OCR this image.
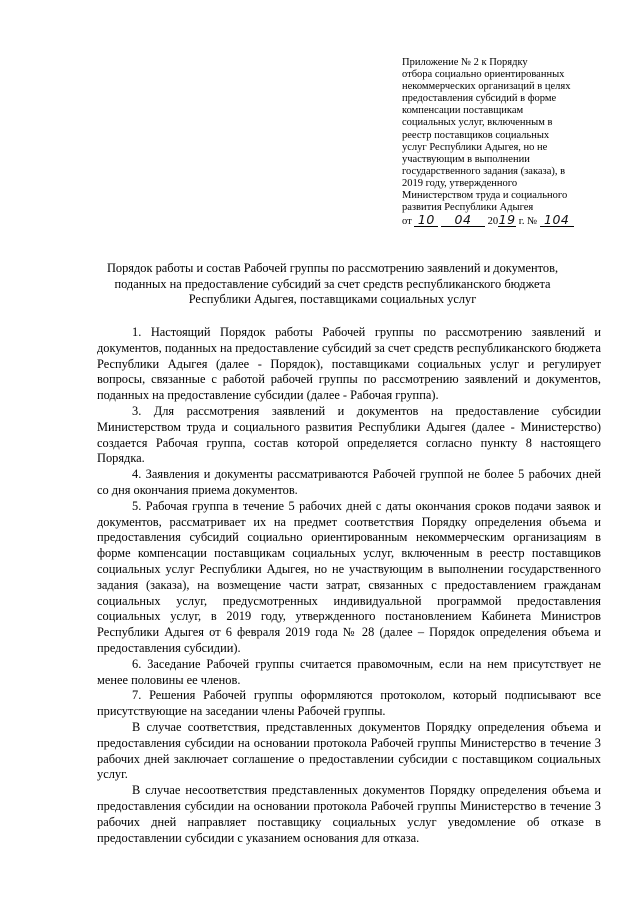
Приложение № 2 к Порядку
отбора социально ориентированных
некоммерческих организаций в целях
предоставления субсидий в форме
компенсации поставщикам
социальных услуг, включенным в
реестр поставщиков социальных
услуг Республики Адыгея, но не
участвующим в выполнении
государственного задания (заказа), в
2019 году, утвержденного
Министерством труда и социального
развития Республики Адыгея
от 10 04 2019 г. № 104
Порядок работы и состав Рабочей группы по рассмотрению заявлений и документов,
поданных на предоставление субсидий за счет средств республиканского бюджета
Республики Адыгея, поставщиками социальных услуг

1. Настоящий Порядок работы Рабочей группы по рассмотрению заявлений и документов, поданных на предоставление субсидий за счет средств республиканского бюджета Республики Адыгея (далее - Порядок), поставщиками социальных услуг и регулирует вопросы, связанные с работой рабочей группы по рассмотрению заявлений и документов, поданных на предоставление субсидии (далее - Рабочая группа).

3. Для рассмотрения заявлений и документов на предоставление субсидии Министерством труда и социального развития Республики Адыгея (далее - Министерство) создается Рабочая группа, состав которой определяется согласно пункту 8 настоящего Порядка.

4. Заявления и документы рассматриваются Рабочей группой не более 5 рабочих дней со дня окончания приема документов.

5. Рабочая группа в течение 5 рабочих дней с даты окончания сроков подачи заявок и документов, рассматривает их на предмет соответствия Порядку определения объема и предоставления субсидий социально ориентированным некоммерческим организациям в форме компенсации поставщикам социальных услуг, включенным в реестр поставщиков социальных услуг Республики Адыгея, но не участвующим в выполнении государственного задания (заказа), на возмещение части затрат, связанных с предоставлением гражданам социальных услуг, предусмотренных индивидуальной программой предоставления социальных услуг, в 2019 году, утвержденного постановлением Кабинета Министров Республики Адыгея от 6 февраля 2019 года № 28 (далее – Порядок определения объема и предоставления субсидии).

6. Заседание Рабочей группы считается правомочным, если на нем присутствует не менее половины ее членов.

7. Решения Рабочей группы оформляются протоколом, который подписывают все присутствующие на заседании члены Рабочей группы.

В случае соответствия, представленных документов Порядку определения объема и предоставления субсидии на основании протокола Рабочей группы Министерство в течение 3 рабочих дней заключает соглашение о предоставлении субсидии с поставщиком социальных услуг.

В случае несоответствия представленных документов Порядку определения объема и предоставления субсидии на основании протокола Рабочей группы Министерство в течение 3 рабочих дней направляет поставщику социальных услуг уведомление об отказе в предоставлении субсидии с указанием основания для отказа.
